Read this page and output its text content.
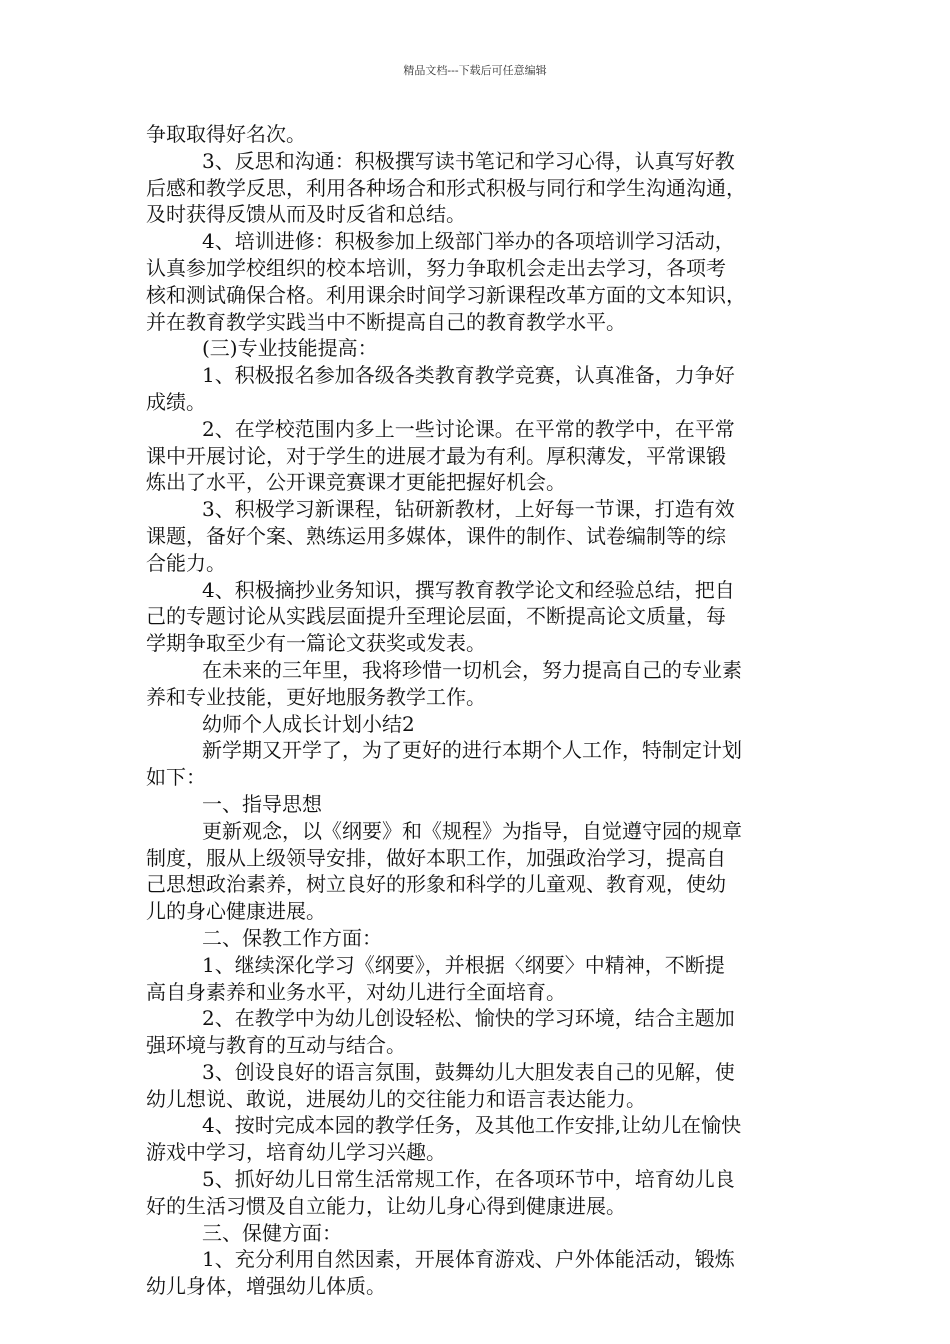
精品文档---下载后可任意编辑
争取取得好名次。
3、反思和沟通：积极撰写读书笔记和学习心得，认真写好教
后感和教学反思，利用各种场合和形式积极与同行和学生沟通沟通，
及时获得反馈从而及时反省和总结。
4、培训进修：积极参加上级部门举办的各项培训学习活动，
认真参加学校组织的校本培训，努力争取机会走出去学习，各项考
核和测试确保合格。利用课余时间学习新课程改革方面的文本知识，
并在教育教学实践当中不断提高自己的教育教学水平。
(三)专业技能提高：
1、积极报名参加各级各类教育教学竞赛，认真准备，力争好
成绩。
2、在学校范围内多上一些讨论课。在平常的教学中，在平常
课中开展讨论，对于学生的进展才最为有利。厚积薄发，平常课锻
炼出了水平，公开课竞赛课才更能把握好机会。
3、积极学习新课程，钻研新教材，上好每一节课，打造有效
课题，备好个案、熟练运用多媒体，课件的制作、试卷编制等的综
合能力。
4、积极摘抄业务知识，撰写教育教学论文和经验总结，把自
己的专题讨论从实践层面提升至理论层面，不断提高论文质量，每
学期争取至少有一篇论文获奖或发表。
在未来的三年里，我将珍惜一切机会，努力提高自己的专业素
养和专业技能，更好地服务教学工作。
幼师个人成长计划小结2
新学期又开学了，为了更好的进行本期个人工作，特制定计划
如下：
一、指导思想
更新观念，以《纲要》和《规程》为指导，自觉遵守园的规章
制度，服从上级领导安排，做好本职工作，加强政治学习，提高自
己思想政治素养，树立良好的形象和科学的儿童观、教育观，使幼
儿的身心健康进展。
二、保教工作方面：
1、继续深化学习《纲要》，并根据〈纲要〉中精神，不断提
高自身素养和业务水平，对幼儿进行全面培育。
2、在教学中为幼儿创设轻松、愉快的学习环境，结合主题加
强环境与教育的互动与结合。
3、创设良好的语言氛围，鼓舞幼儿大胆发表自己的见解，使
幼儿想说、敢说，进展幼儿的交往能力和语言表达能力。
4、按时完成本园的教学任务，及其他工作安排,让幼儿在愉快
游戏中学习，培育幼儿学习兴趣。
5、抓好幼儿日常生活常规工作，在各项环节中，培育幼儿良
好的生活习惯及自立能力，让幼儿身心得到健康进展。
三、保健方面：
1、充分利用自然因素，开展体育游戏、户外体能活动，锻炼
幼儿身体，增强幼儿体质。
